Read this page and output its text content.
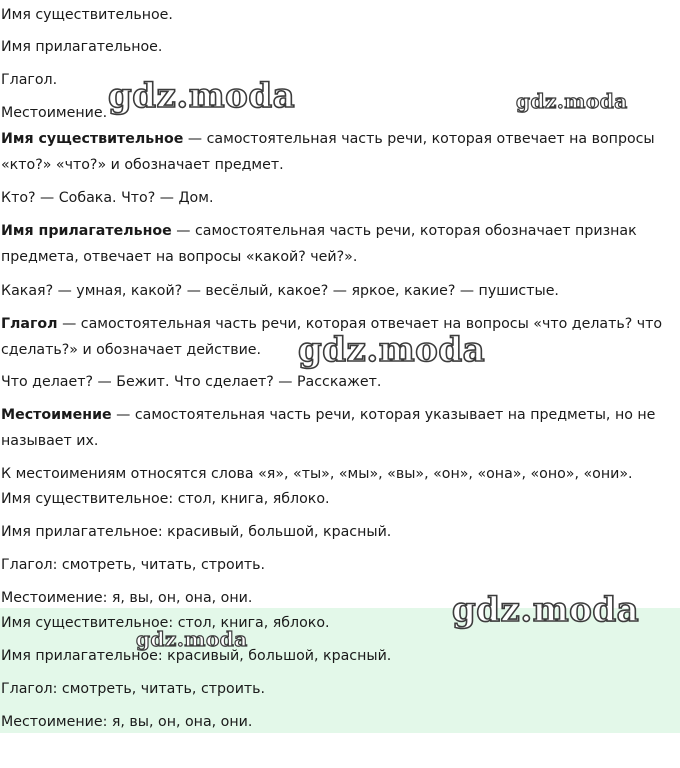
Имя существительное.
Имя прилагательное.
Глагол.
Местоимение.
Имя существительное — самостоятельная часть речи, которая отвечает на вопросы
«кто?» «что?» и обозначает предмет.
Кто? — Собака. Что? — Дом.
Имя прилагательное — самостоятельная часть речи, которая обозначает признак
предмета, отвечает на вопросы «какой? чей?».
Какая? — умная, какой? — весёлый, какое? — яркое, какие? — пушистые.
Глагол — самостоятельная часть речи, которая отвечает на вопросы «что делать? что
сделать?» и обозначает действие.
Что делает? — Бежит. Что сделает? — Расскажет.
Местоимение — самостоятельная часть речи, которая указывает на предметы, но не
называет их.
К местоимениям относятся слова «я», «ты», «мы», «вы», «он», «она», «оно», «они».
Имя существительное: стол, книга, яблоко.
Имя прилагательное: красивый, большой, красный.
Глагол: смотреть, читать, строить.
Местоимение: я, вы, он, она, они.
Имя существительное: стол, книга, яблоко.
Имя прилагательное: красивый, большой, красный.
Глагол: смотреть, читать, строить.
Местоимение: я, вы, он, она, они.
gdz.moda	gdz.moda
gdz.moda
gdz.moda
gdz.moda
